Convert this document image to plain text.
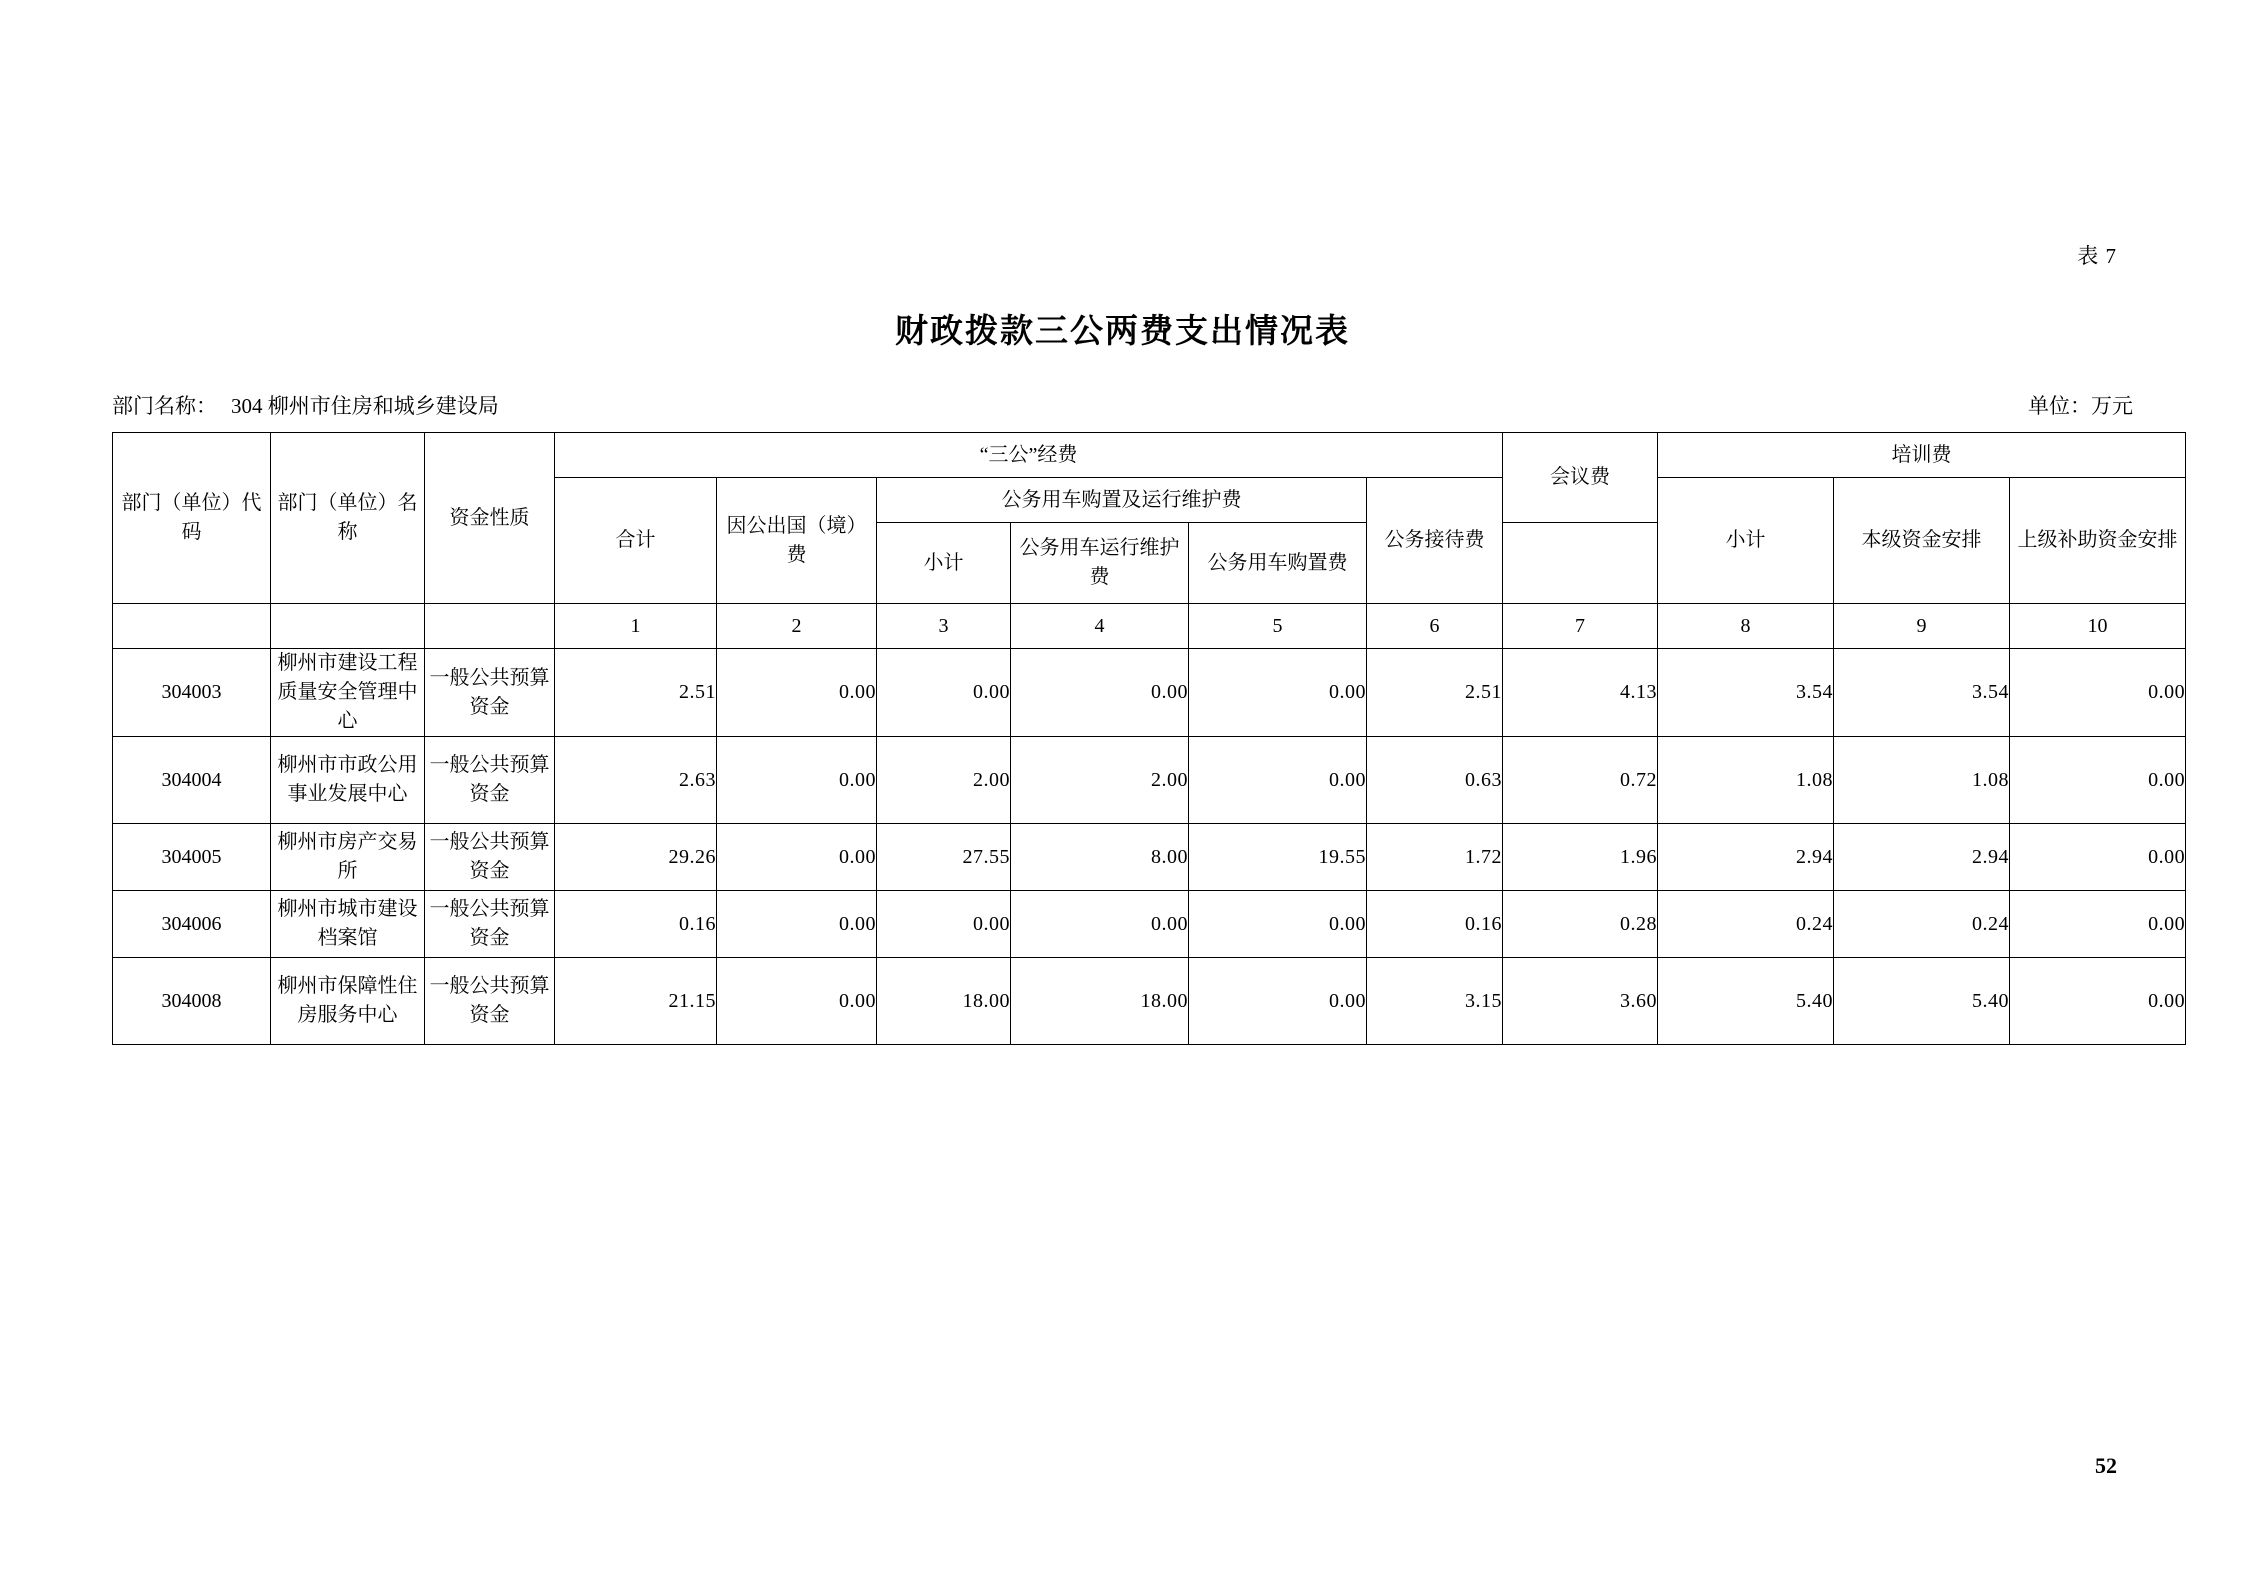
表 7
财政拨款三公两费支出情况表
部门名称： 304 柳州市住房和城乡建设局	单位：万元
部门（单位）代码	部门（单位）名称	资金性质	“三公”经费						会议费	培训费		
			合计	因公出国（境）费	公务用车购置及运行维护费			公务接待费		小计	本级资金安排	上级补助资金安排
					小计	公务用车运行维护费	公务用车购置费					
			1	2	3	4	5	6	7	8	9	10
304003	柳州市建设工程质量安全管理中心	一般公共预算资金	2.51	0.00	0.00	0.00	0.00	2.51	4.13	3.54	3.54	0.00
304004	柳州市市政公用事业发展中心	一般公共预算资金	2.63	0.00	2.00	2.00	0.00	0.63	0.72	1.08	1.08	0.00
304005	柳州市房产交易所	一般公共预算资金	29.26	0.00	27.55	8.00	19.55	1.72	1.96	2.94	2.94	0.00
304006	柳州市城市建设档案馆	一般公共预算资金	0.16	0.00	0.00	0.00	0.00	0.16	0.28	0.24	0.24	0.00
304008	柳州市保障性住房服务中心	一般公共预算资金	21.15	0.00	18.00	18.00	0.00	3.15	3.60	5.40	5.40	0.00
52
